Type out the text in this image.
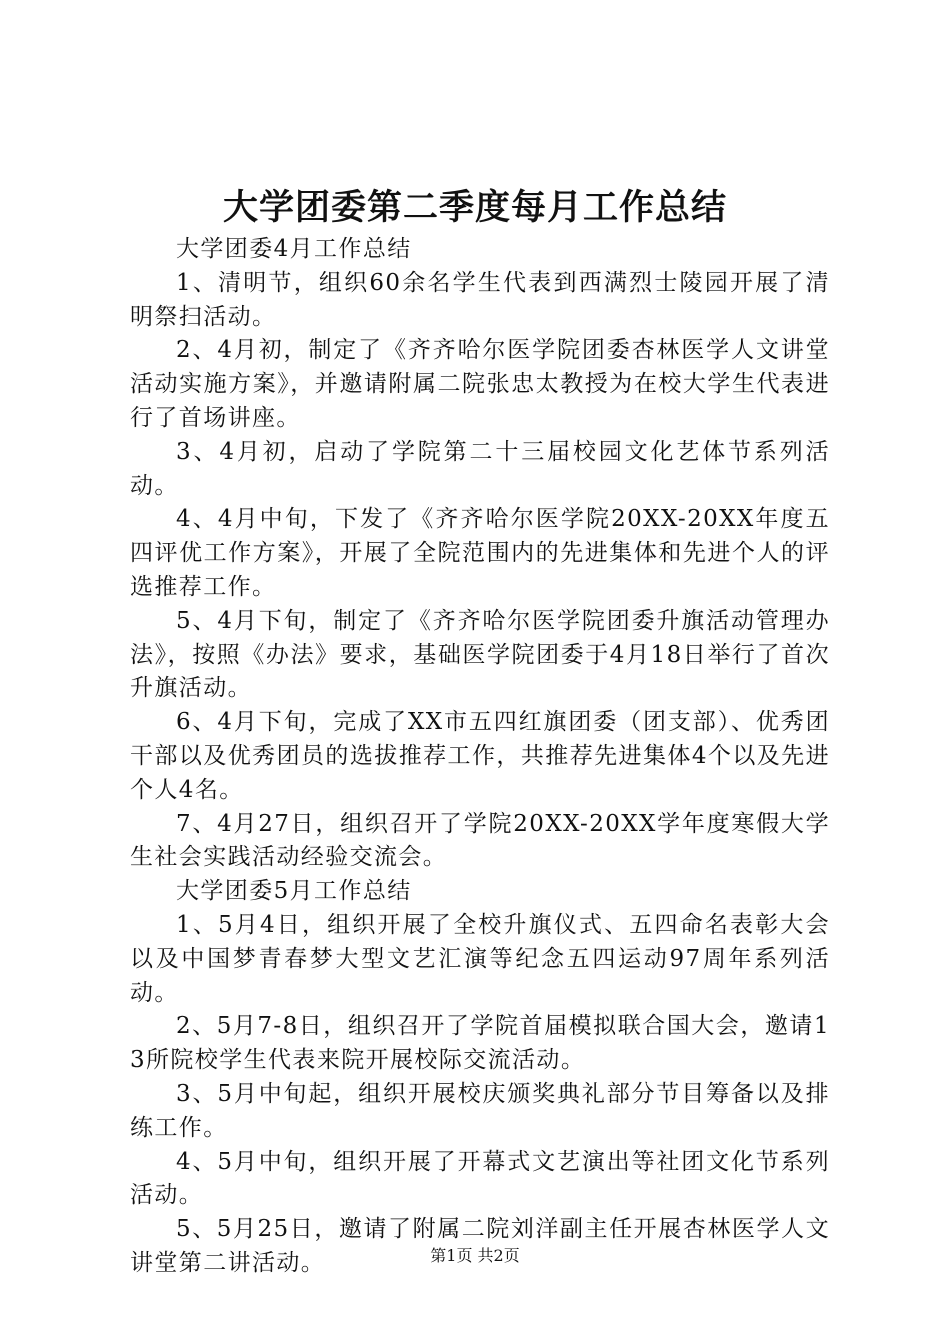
大学团委第二季度每月工作总结

大学团委4月工作总结

1、清明节，组织60余名学生代表到西满烈士陵园开展了清明祭扫活动。

2、4月初，制定了《齐齐哈尔医学院团委杏林医学人文讲堂活动实施方案》，并邀请附属二院张忠太教授为在校大学生代表进行了首场讲座。

3、4月初，启动了学院第二十三届校园文化艺体节系列活动。

4、4月中旬，下发了《齐齐哈尔医学院20XX-20XX年度五四评优工作方案》，开展了全院范围内的先进集体和先进个人的评选推荐工作。

5、4月下旬，制定了《齐齐哈尔医学院团委升旗活动管理办法》，按照《办法》要求，基础医学院团委于4月18日举行了首次升旗活动。

6、4月下旬，完成了XX市五四红旗团委（团支部）、优秀团干部以及优秀团员的选拔推荐工作，共推荐先进集体4个以及先进个人4名。

7、4月27日，组织召开了学院20XX-20XX学年度寒假大学生社会实践活动经验交流会。

大学团委5月工作总结

1、5月4日，组织开展了全校升旗仪式、五四命名表彰大会以及中国梦青春梦大型文艺汇演等纪念五四运动97周年系列活动。

2、5月7-8日，组织召开了学院首届模拟联合国大会，邀请13所院校学生代表来院开展校际交流活动。

3、5月中旬起，组织开展校庆颁奖典礼部分节目筹备以及排练工作。

4、5月中旬，组织开展了开幕式文艺演出等社团文化节系列活动。

5、5月25日，邀请了附属二院刘洋副主任开展杏林医学人文讲堂第二讲活动。	第1页 共2页
